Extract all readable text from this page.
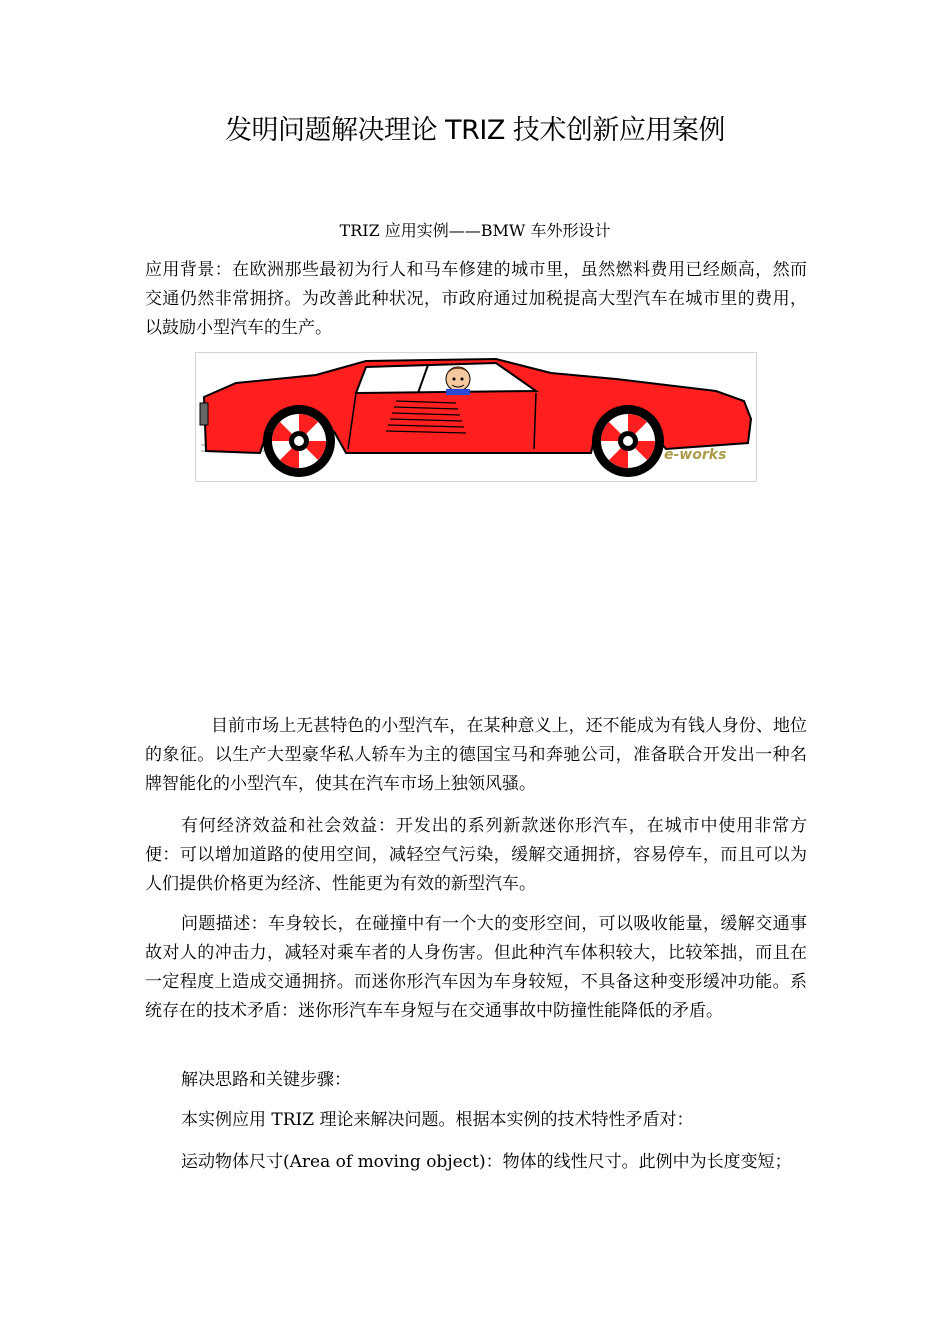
发明问题解决理论 TRIZ 技术创新应用案例
TRIZ 应用实例——BMW 车外形设计

应用背景：在欧洲那些最初为行人和马车修建的城市里，虽然燃料费用已经颇高，然而交通仍然非常拥挤。为改善此种状况，市政府通过加税提高大型汽车在城市里的费用，以鼓励小型汽车的生产。

e-works

目前市场上无甚特色的小型汽车，在某种意义上，还不能成为有钱人身份、地位的象征。以生产大型豪华私人轿车为主的德国宝马和奔驰公司，准备联合开发出一种名牌智能化的小型汽车，使其在汽车市场上独领风骚。

有何经济效益和社会效益：开发出的系列新款迷你形汽车，在城市中使用非常方便：可以增加道路的使用空间，减轻空气污染，缓解交通拥挤，容易停车，而且可以为人们提供价格更为经济、性能更为有效的新型汽车。

问题描述：车身较长，在碰撞中有一个大的变形空间，可以吸收能量，缓解交通事故对人的冲击力，减轻对乘车者的人身伤害。但此种汽车体积较大，比较笨拙，而且在一定程度上造成交通拥挤。而迷你形汽车因为车身较短，不具备这种变形缓冲功能。系统存在的技术矛盾：迷你形汽车车身短与在交通事故中防撞性能降低的矛盾。

解决思路和关键步骤：

本实例应用 TRIZ 理论来解决问题。根据本实例的技术特性矛盾对：

运动物体尺寸(Area of moving object)：物体的线性尺寸。此例中为长度变短；
